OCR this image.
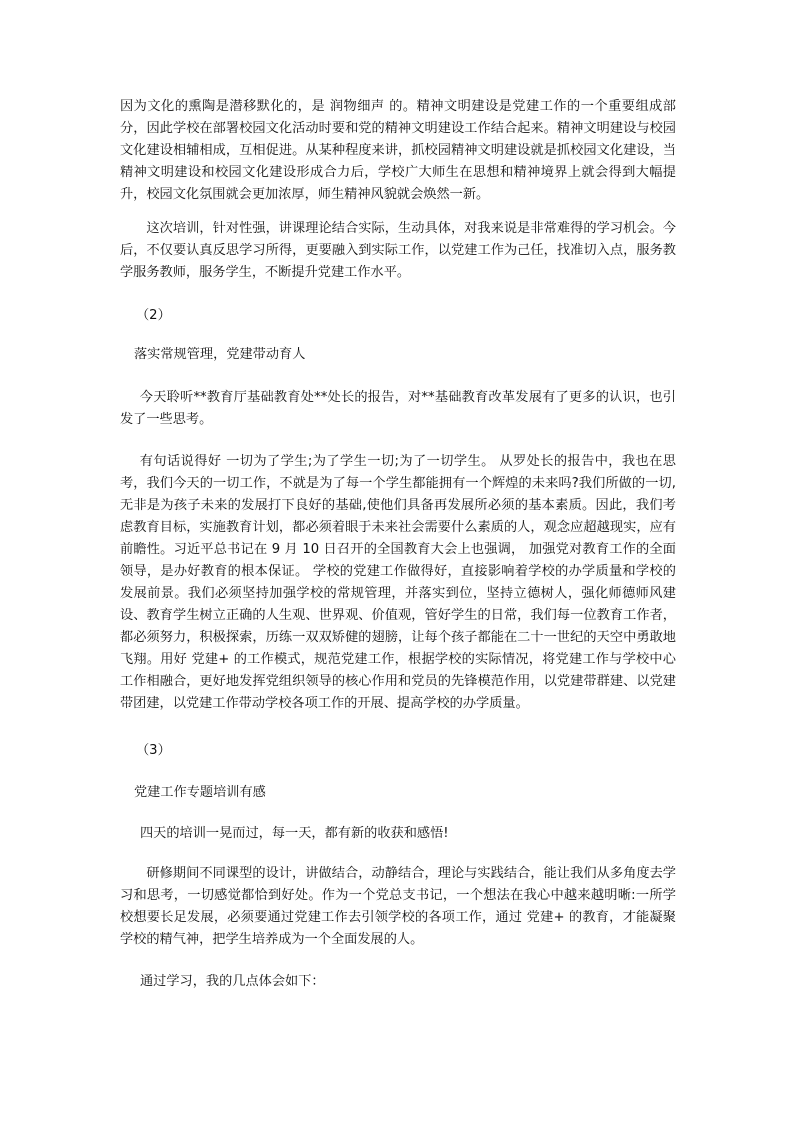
因为文化的熏陶是潜移默化的，是 润物细声 的。精神文明建设是党建工作的一个重要组成部分，因此学校在部署校园文化活动时要和党的精神文明建设工作结合起来。精神文明建设与校园文化建设相辅相成，互相促进。从某种程度来讲，抓校园精神文明建设就是抓校园文化建设，当精神文明建设和校园文化建设形成合力后，学校广大师生在思想和精神境界上就会得到大幅提升，校园文化氛围就会更加浓厚，师生精神风貌就会焕然一新。

这次培训，针对性强，讲课理论结合实际，生动具体，对我来说是非常难得的学习机会。今后，不仅要认真反思学习所得，更要融入到实际工作，以党建工作为己任，找准切入点，服务教学服务教师，服务学生，不断提升党建工作水平。

（2）

落实常规管理，党建带动育人

今天聆听**教育厅基础教育处**处长的报告，对**基础教育改革发展有了更多的认识，也引发了一些思考。

有句话说得好 一切为了学生;为了学生一切;为了一切学生。 从罗处长的报告中，我也在思考，我们今天的一切工作，不就是为了每一个学生都能拥有一个辉煌的未来吗?我们所做的一切,无非是为孩子未来的发展打下良好的基础,使他们具备再发展所必须的基本素质。因此，我们考虑教育目标，实施教育计划，都必须着眼于未来社会需要什么素质的人，观念应超越现实，应有前瞻性。习近平总书记在 9 月 10 日召开的全国教育大会上也强调， 加强党对教育工作的全面领导，是办好教育的根本保证。 学校的党建工作做得好，直接影响着学校的办学质量和学校的发展前景。我们必须坚持加强学校的常规管理，并落实到位，坚持立德树人，强化师德师风建设、教育学生树立正确的人生观、世界观、价值观，管好学生的日常，我们每一位教育工作者，都必须努力，积极探索，历练一双双矫健的翅膀，让每个孩子都能在二十一世纪的天空中勇敢地飞翔。用好 党建+ 的工作模式，规范党建工作，根据学校的实际情况，将党建工作与学校中心工作相融合，更好地发挥党组织领导的核心作用和党员的先锋模范作用，以党建带群建、以党建带团建，以党建工作带动学校各项工作的开展、提高学校的办学质量。

（3）

党建工作专题培训有感

四天的培训一晃而过，每一天，都有新的收获和感悟!

研修期间不同课型的设计，讲做结合，动静结合，理论与实践结合，能让我们从多角度去学习和思考，一切感觉都恰到好处。作为一个党总支书记，一个想法在我心中越来越明晰:一所学校想要长足发展，必须要通过党建工作去引领学校的各项工作，通过 党建+ 的教育，才能凝聚学校的精气神，把学生培养成为一个全面发展的人。

通过学习，我的几点体会如下：
